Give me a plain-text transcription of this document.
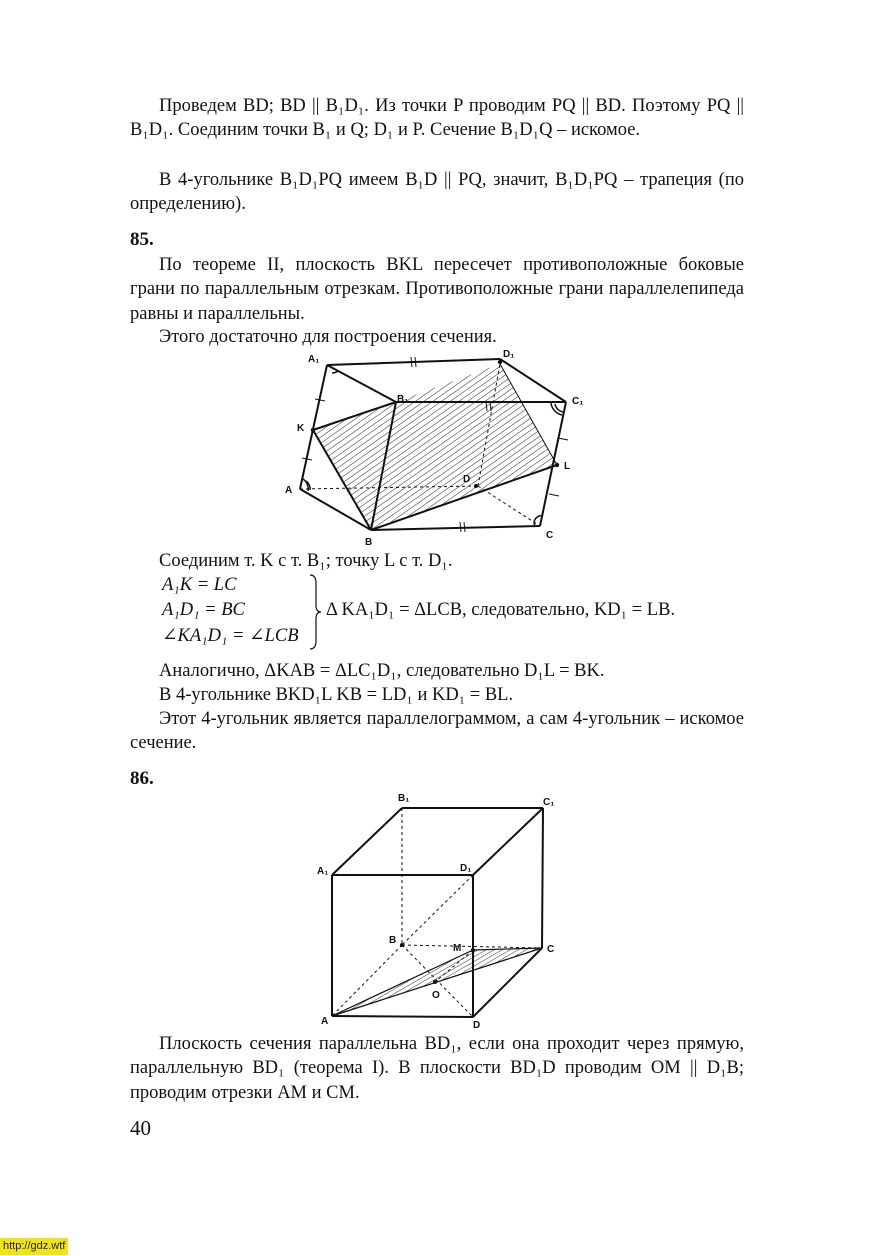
Проведем BD; BD || B₁D₁. Из точки P проводим PQ || BD. Поэтому PQ || B₁D₁. Соединим точки B₁ и Q; D₁ и P. Сечение B₁D₁Q – искомое.

В 4-угольнике B₁D₁PQ имеем B₁D || PQ, значит, B₁D₁PQ – трапеция (по определению).

85.

По теореме II, плоскость BKL пересечет противоположные боковые грани по параллельным отрезкам. Противоположные грани параллелепипеда равны и параллельны.

Этого достаточно для построения сечения.

A₁	D₁
B₁	C₁
K
L
A
D
B
C

Соединим т. K с т. B₁; точку L с т. D₁.

A₁K = LC
A₁D₁ = BC
∠KA₁D₁ = ∠LCB
Δ KA₁D₁ = ΔLCB, следовательно, KD₁ = LB.

Аналогично, ΔKAB = ΔLC₁D₁, следовательно D₁L = BK.

В 4-угольнике BKD₁L KB = LD₁ и KD₁ = BL.

Этот 4-угольник является параллелограммом, а сам 4-угольник – искомое сечение.

86.

B₁	C₁
A₁	D₁
B
M	C
O
A	D

Плоскость сечения параллельна BD₁, если она проходит через прямую, параллельную BD₁ (теорема I). В плоскости BD₁D проводим OM || D₁B; проводим отрезки AM и CM.

40

http://gdz.wtf
